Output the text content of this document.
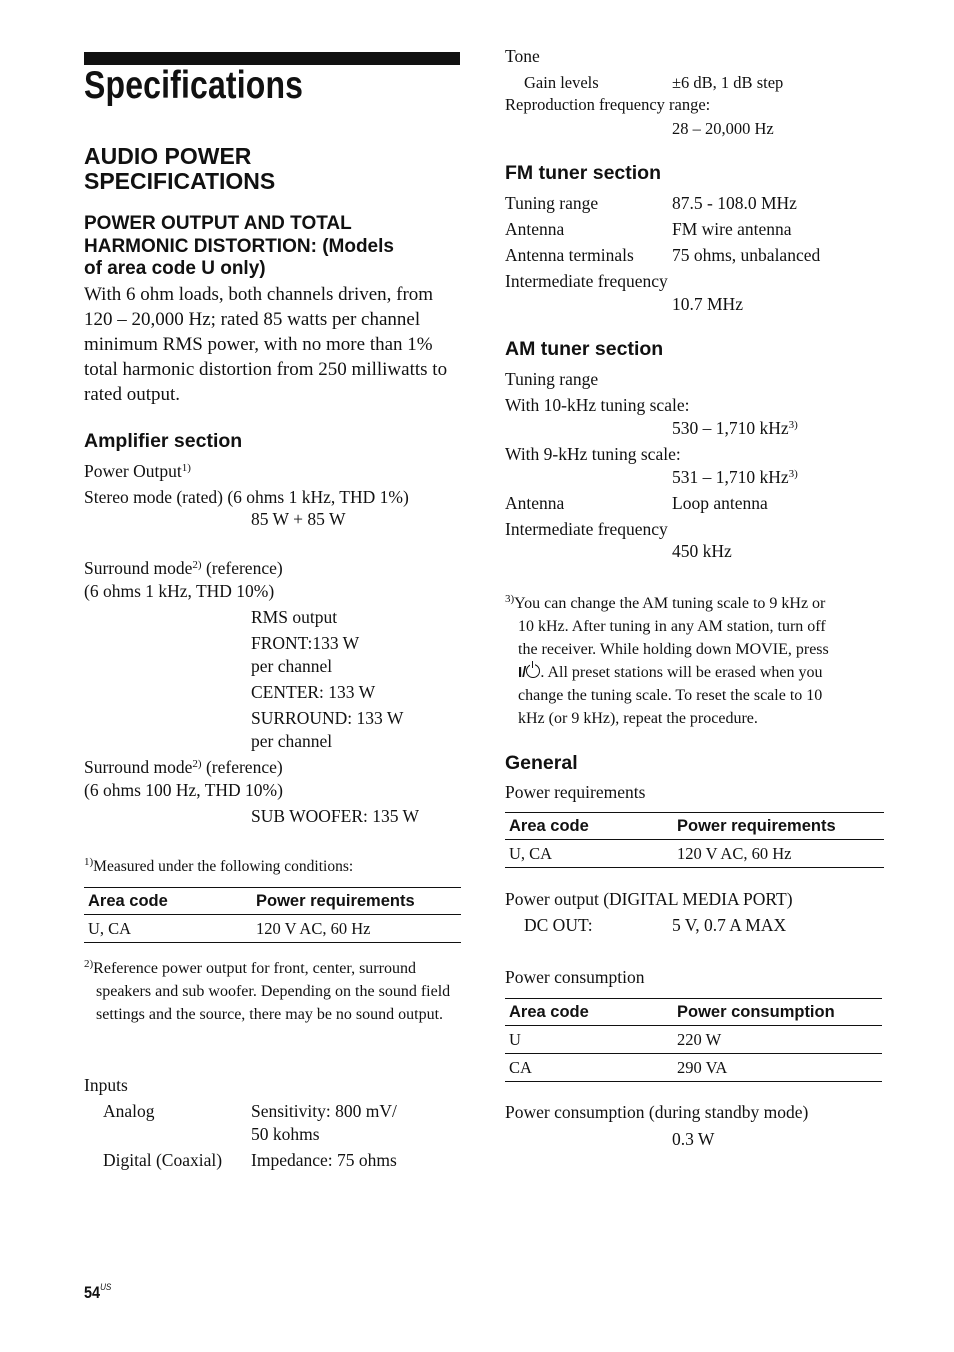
Specifications
AUDIO POWER SPECIFICATIONS
POWER OUTPUT AND TOTAL HARMONIC DISTORTION: (Models of area code U only)
With 6 ohm loads, both channels driven, from 120 – 20,000 Hz; rated 85 watts per channel minimum RMS power, with no more than 1% total harmonic distortion from 250 milliwatts to rated output.
Amplifier section
Power Output$^{1)}$
Stereo mode (rated) (6 ohms 1 kHz, THD 1%)
85 W + 85 W
Surround mode$^{2)}$ (reference)
(6 ohms 1 kHz, THD 10%)
RMS output
FRONT:133 W
per channel
CENTER: 133 W
SURROUND: 133 W
per channel
Surround mode$^{2)}$ (reference)
(6 ohms 100 Hz, THD 10%)
SUB WOOFER: 135 W
$^{1)}$Measured under the following conditions:
Area code	Power requirements
U, CA	120 V AC, 60 Hz
$^{2)}$Reference power output for front, center, surround speakers and sub woofer. Depending on the sound field settings and the source, there may be no sound output.
Inputs
Analog	Sensitivity: 800 mV/
50 kohms
Digital (Coaxial) Impedance: 75 ohms
Tone
Gain levels	±6 dB, 1 dB step
Reproduction frequency range:
28 – 20,000 Hz
FM tuner section
Tuning range	87.5 - 108.0 MHz
Antenna	FM wire antenna
Antenna terminals 75 ohms, unbalanced
Intermediate frequency
10.7 MHz
AM tuner section
Tuning range
With 10-kHz tuning scale:
530 – 1,710 kHz$^{3)}$
With 9-kHz tuning scale:
531 – 1,710 kHz$^{3)}$
Antenna	Loop antenna
Intermediate frequency
450 kHz
$^{3)}$You can change the AM tuning scale to 9 kHz or
10 kHz. After tuning in any AM station, turn off
the receiver. While holding down MOVIE, press
I/ . All preset stations will be erased when you
change the tuning scale. To reset the scale to 10
kHz (or 9 kHz), repeat the procedure.
General
Power requirements
Area code	Power requirements
U, CA	120 V AC, 60 Hz
Power output (DIGITAL MEDIA PORT)
DC OUT:	5 V, 0.7 A MAX
Power consumption
Area code	Power consumption
U	220 W
CA	290 VA
Power consumption (during standby mode)
0.3 W
$54^{US}$
